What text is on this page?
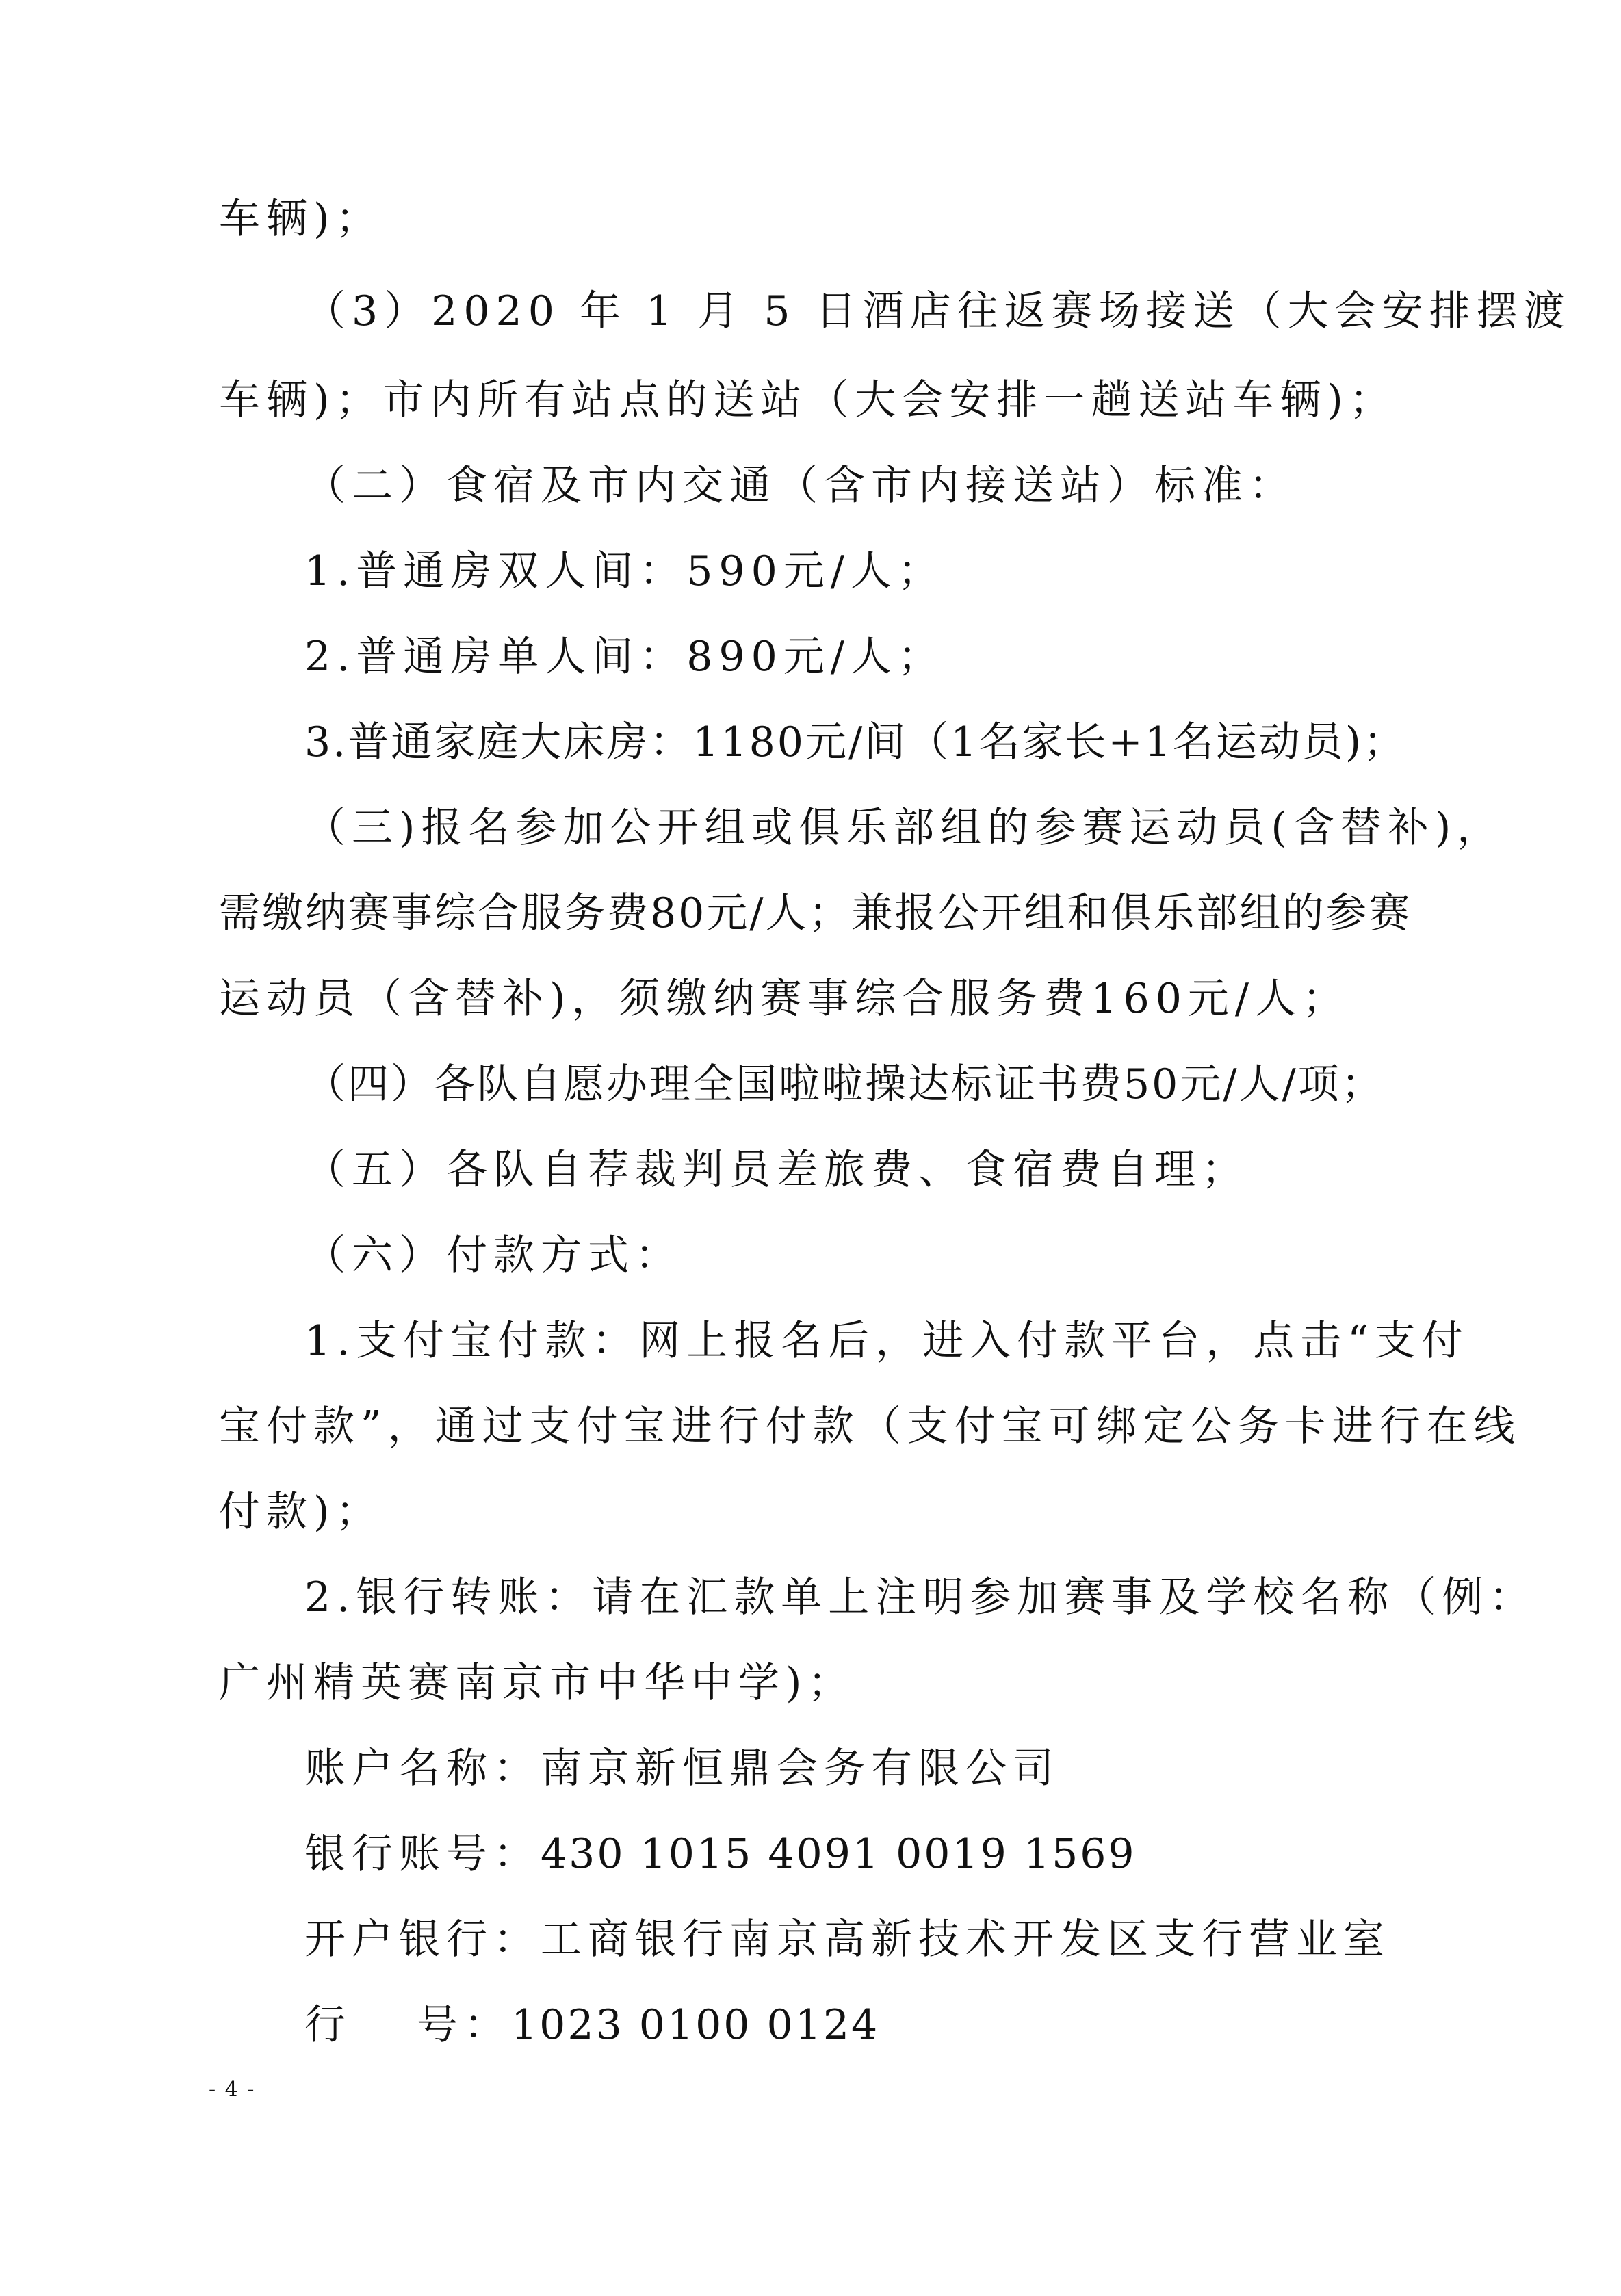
车辆)；
（3）2020 年 1 月 5 日酒店往返赛场接送（大会安排摆渡
车辆)；市内所有站点的送站（大会安排一趟送站车辆)；
（二）食宿及市内交通（含市内接送站）标准：
1.普通房双人间：590元/人；
2.普通房单人间：890元/人；
3.普通家庭大床房：1180元/间（1名家长+1名运动员)；
（三)报名参加公开组或俱乐部组的参赛运动员(含替补)，
需缴纳赛事综合服务费80元/人；兼报公开组和俱乐部组的参赛
运动员（含替补)，须缴纳赛事综合服务费160元/人；
（四）各队自愿办理全国啦啦操达标证书费50元/人/项；
（五）各队自荐裁判员差旅费、食宿费自理；
（六）付款方式：
1.支付宝付款：网上报名后，进入付款平台，点击“支付
宝付款”，通过支付宝进行付款（支付宝可绑定公务卡进行在线
付款)；
2.银行转账：请在汇款单上注明参加赛事及学校名称（例：
广州精英赛南京市中华中学)；
账户名称：南京新恒鼎会务有限公司
银行账号：430 1015 4091 0019 1569
开户银行：工商银行南京高新技术开发区支行营业室
行 号：1023 0100 0124
- 4 -
